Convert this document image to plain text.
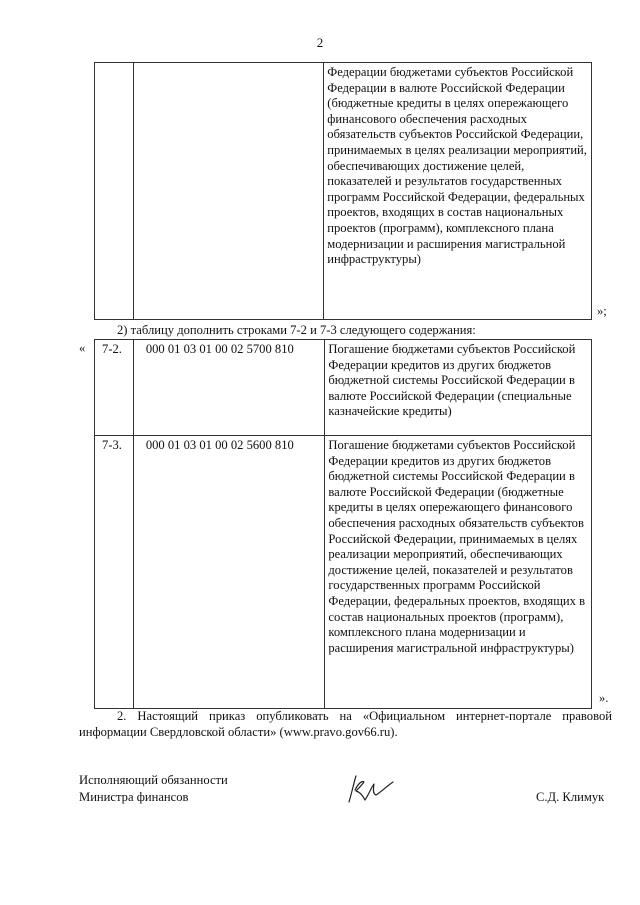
2

Федерации бюджетами субъектов Российской Федерации в валюте Российской Федерации (бюджетные кредиты в целях опережающего финансового обеспечения расходных обязательств субъектов Российской Федерации, принимаемых в целях реализации мероприятий, обеспечивающих достижение целей, показателей и результатов государственных программ Российской Федерации, федеральных проектов, входящих в состав национальных проектов (программ), комплексного плана модернизации и расширения магистральной инфраструктуры)
»;
2) таблицу дополнить строками 7-2 и 7-3 следующего содержания:
«	7-2.	000 01 03 01 00 02 5700 810	Погашение бюджетами субъектов Российской Федерации кредитов из других бюджетов бюджетной системы Российской Федерации в валюте Российской Федерации (специальные казначейские кредиты)

7-3.	000 01 03 01 00 02 5600 810	Погашение бюджетами субъектов Российской Федерации кредитов из других бюджетов бюджетной системы Российской Федерации в валюте Российской Федерации (бюджетные кредиты в целях опережающего финансового обеспечения расходных обязательств субъектов Российской Федерации, принимаемых в целях реализации мероприятий, обеспечивающих достижение целей, показателей и результатов государственных программ Российской Федерации, федеральных проектов, входящих в состав национальных проектов (программ), комплексного плана модернизации и расширения магистральной инфраструктуры)
».
2. Настоящий приказ опубликовать на «Официальном интернет-портале правовой информации Свердловской области» (www.pravo.gov66.ru).
Исполняющий обязанности
Министра финансов	С.Д. Климук
